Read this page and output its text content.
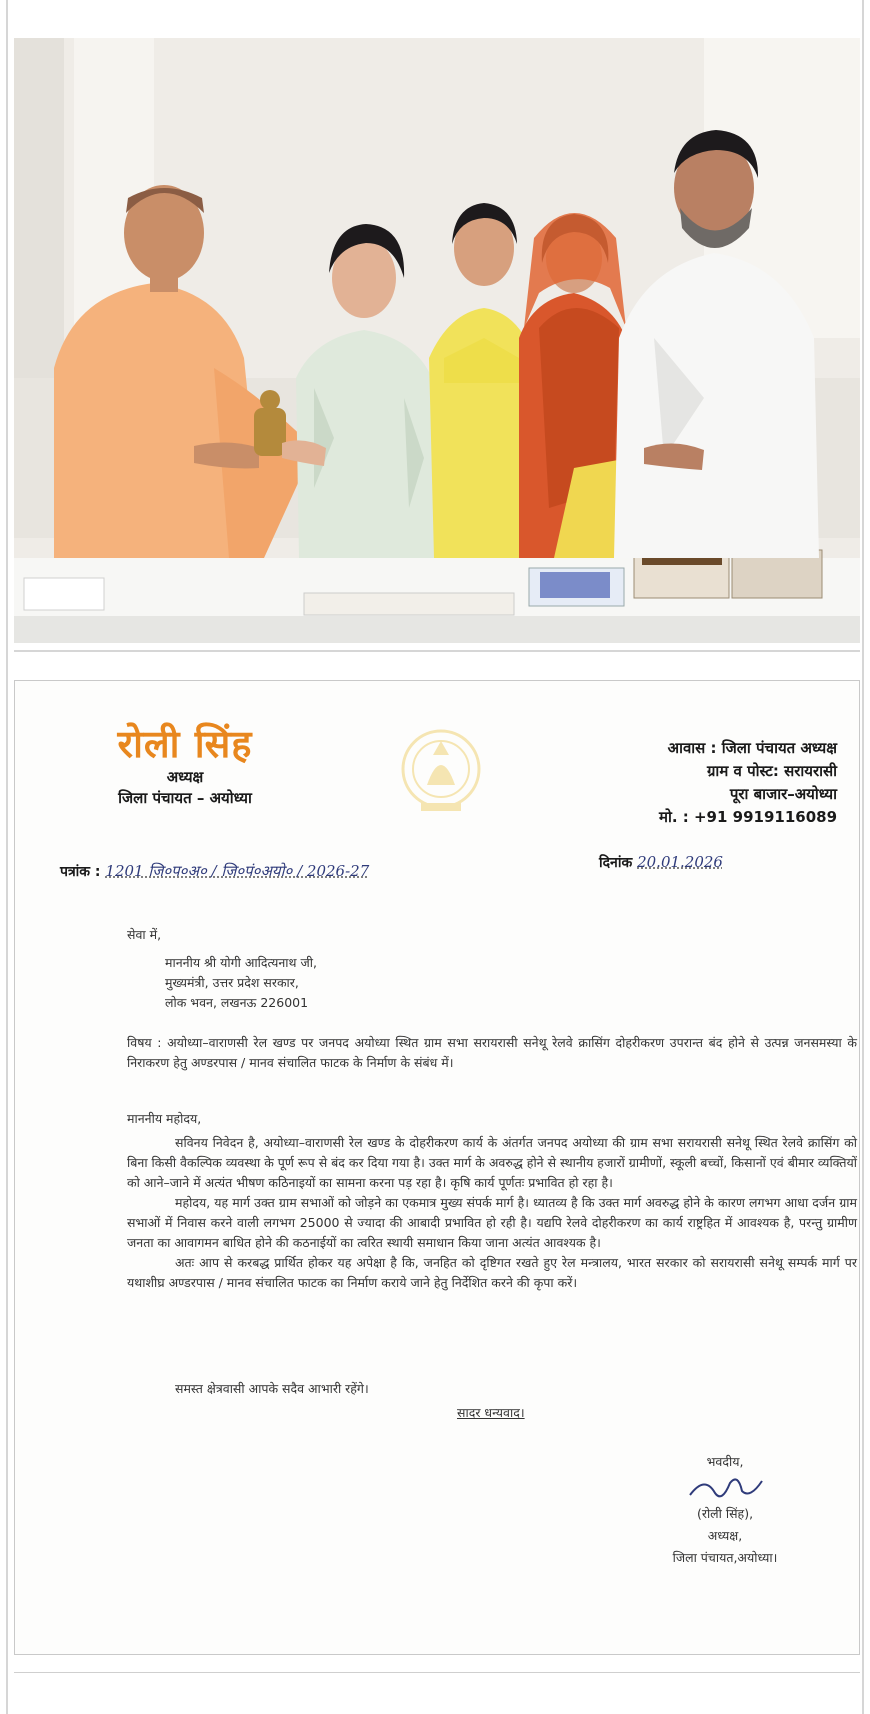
रोली सिंह
अध्यक्ष
जिला पंचायत – अयोध्या
आवास : जिला पंचायत अध्यक्ष
ग्राम व पोस्ट: सरायरासी
पूरा बाजार–अयोध्या
मो. : +91 9919116089
पत्रांक : 1201 जि०प०अ० / जि०पं०अयो० / 2026-27	दिनांक 20.01.2026
सेवा में,
माननीय श्री योगी आदित्यनाथ जी,
मुख्यमंत्री, उत्तर प्रदेश सरकार,
लोक भवन, लखनऊ 226001
विषय : अयोध्या–वाराणसी रेल खण्ड पर जनपद अयोध्या स्थित ग्राम सभा सरायरासी सनेथू रेलवे क्रासिंग दोहरीकरण उपरान्त बंद होने से उत्पन्न जनसमस्या के निराकरण हेतु अण्डरपास / मानव संचालित फाटक के निर्माण के संबंध में।
माननीय महोदय,
सविनय निवेदन है, अयोध्या–वाराणसी रेल खण्ड के दोहरीकरण कार्य के अंतर्गत जनपद अयोध्या की ग्राम सभा सरायरासी सनेथू स्थित रेलवे क्रासिंग को बिना किसी वैकल्पिक व्यवस्था के पूर्ण रूप से बंद कर दिया गया है। उक्त मार्ग के अवरुद्ध होने से स्थानीय हजारों ग्रामीणों, स्कूली बच्चों, किसानों एवं बीमार व्यक्तियों को आने–जाने में अत्यंत भीषण कठिनाइयों का सामना करना पड़ रहा है। कृषि कार्य पूर्णतः प्रभावित हो रहा है।
महोदय, यह मार्ग उक्त ग्राम सभाओं को जोड़ने का एकमात्र मुख्य संपर्क मार्ग है। ध्यातव्य है कि उक्त मार्ग अवरुद्ध होने के कारण लगभग आधा दर्जन ग्राम सभाओं में निवास करने वाली लगभग 25000 से ज्यादा की आबादी प्रभावित हो रही है। यद्यपि रेलवे दोहरीकरण का कार्य राष्ट्रहित में आवश्यक है, परन्तु ग्रामीण जनता का आवागमन बाधित होने की कठनाईयों का त्वरित स्थायी समाधान किया जाना अत्यंत आवश्यक है।
अतः आप से करबद्ध प्रार्थित होकर यह अपेक्षा है कि, जनहित को दृष्टिगत रखते हुए रेल मन्त्रालय, भारत सरकार को सरायरासी सनेथू सम्पर्क मार्ग पर यथाशीघ्र अण्डरपास / मानव संचालित फाटक का निर्माण कराये जाने हेतु निर्देशित करने की कृपा करें।
समस्त क्षेत्रवासी आपके सदैव आभारी रहेंगे।
सादर धन्यवाद।
भवदीय,
(रोली सिंह),
अध्यक्ष,
जिला पंचायत,अयोध्या।
